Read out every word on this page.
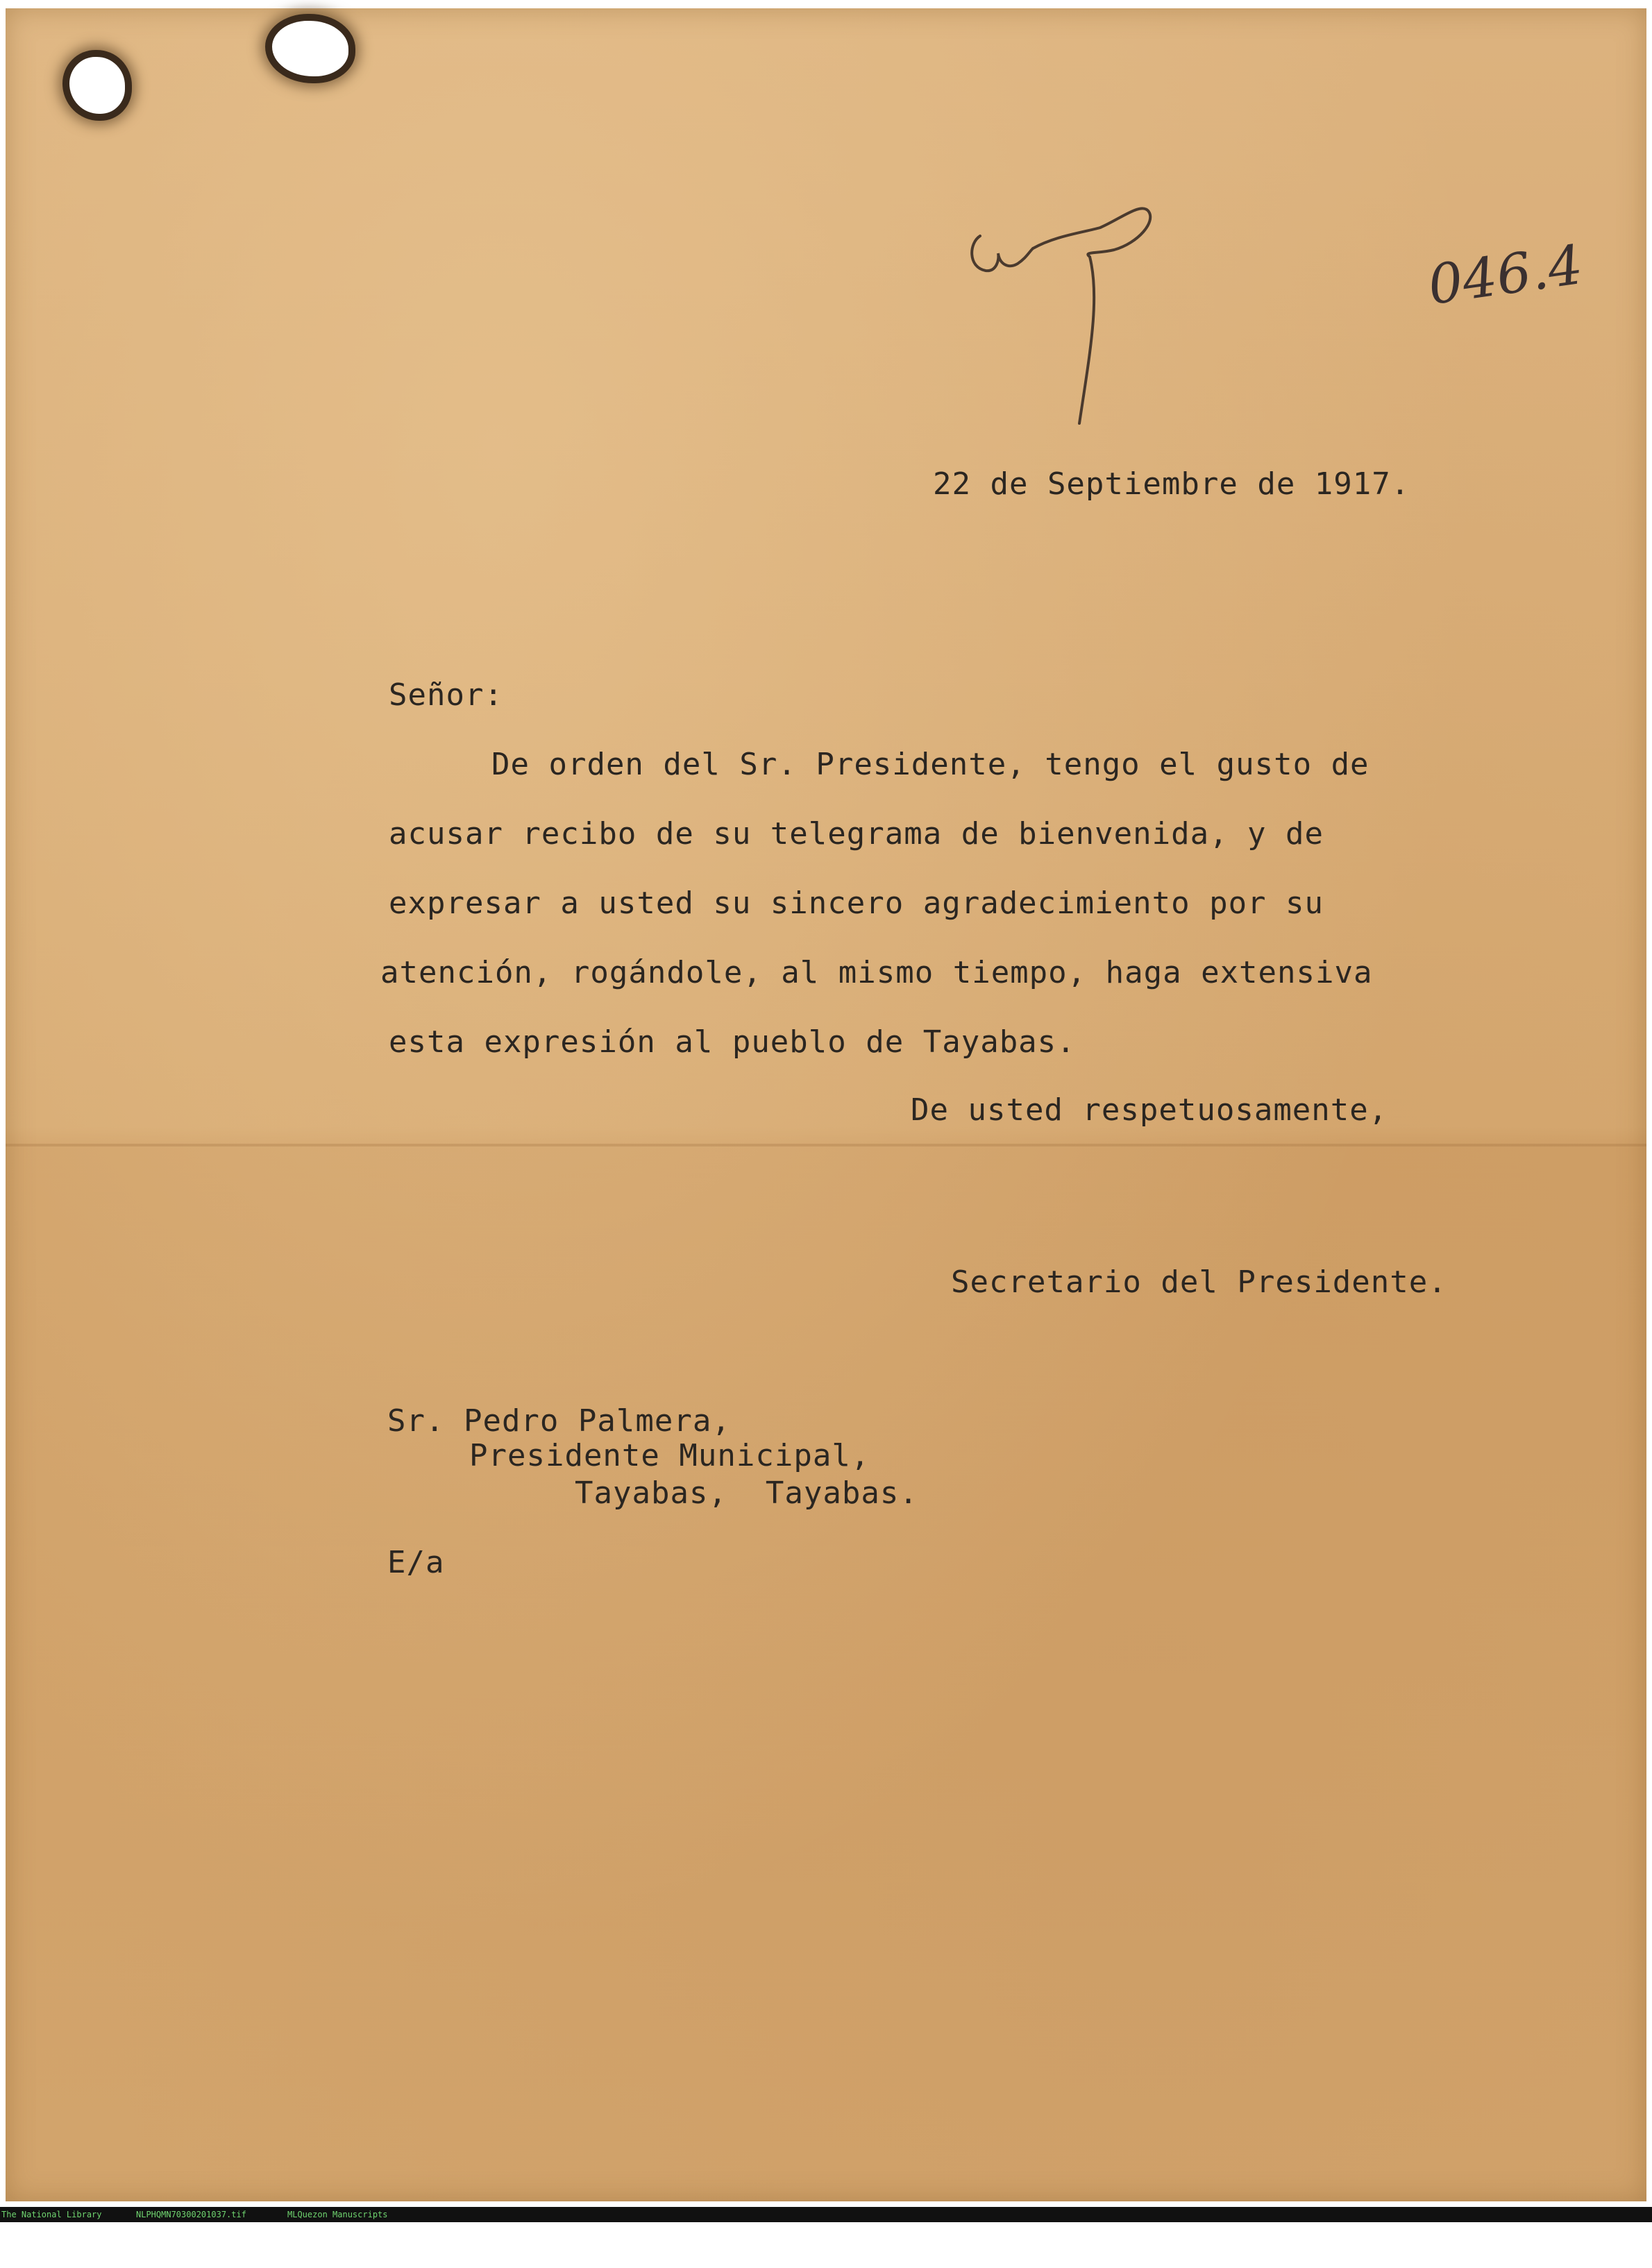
046.4

22 de Septiembre de 1917.

Señor:

De orden del Sr. Presidente, tengo el gusto de

acusar recibo de su telegrama de bienvenida, y de

expresar a usted su sincero agradecimiento por su

atención, rogándole, al mismo tiempo, haga extensiva

esta expresión al pueblo de Tayabas.

De usted respetuosamente,

Secretario del Presidente.

Sr. Pedro Palmera,

Presidente Municipal,

Tayabas,  Tayabas.

E/a

The National Library

	NLPHQMN70300201037.tif

	MLQuezon Manuscripts
